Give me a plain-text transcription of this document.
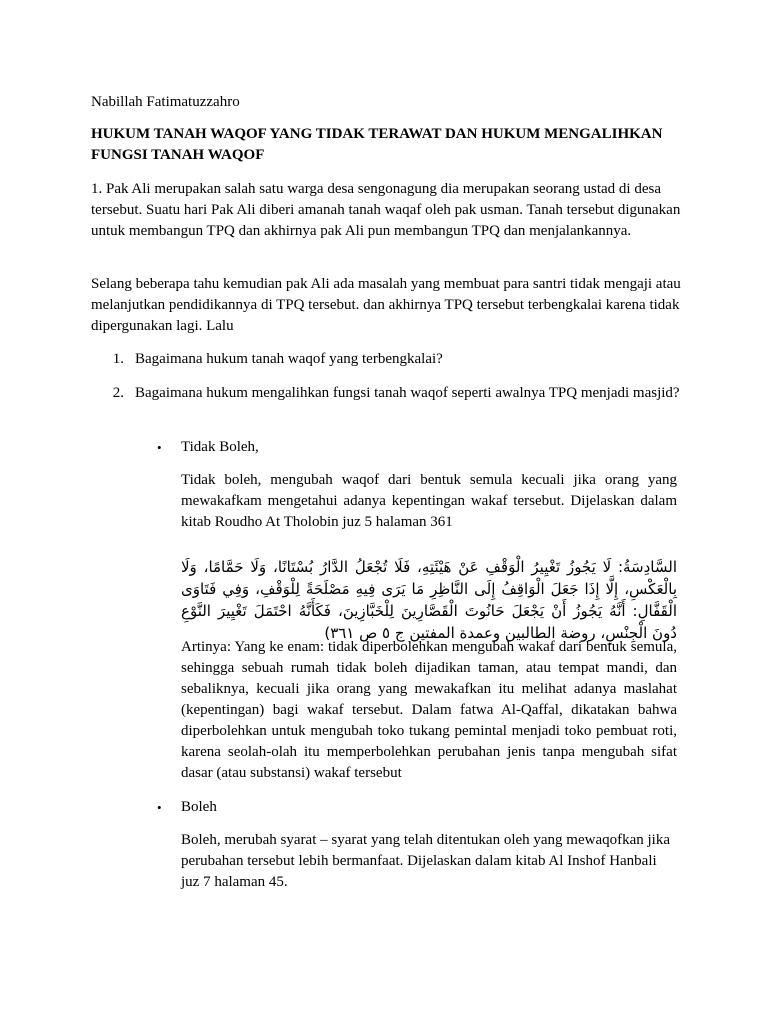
Nabillah Fatimatuzzahro

HUKUM TANAH WAQOF YANG TIDAK TERAWAT DAN HUKUM MENGALIHKAN FUNGSI TANAH WAQOF

1. Pak Ali merupakan salah satu warga desa sengonagung dia merupakan seorang ustad di desa tersebut. Suatu hari Pak Ali diberi amanah tanah waqaf oleh pak usman. Tanah tersebut digunakan untuk membangun TPQ dan akhirnya pak Ali pun membangun TPQ dan menjalankannya.

Selang beberapa tahu kemudian pak Ali ada masalah yang membuat para santri tidak mengaji atau melanjutkan pendidikannya di TPQ tersebut. dan akhirnya TPQ tersebut terbengkalai karena tidak dipergunakan lagi. Lalu

1. Bagaimana hukum tanah waqof yang terbengkalai?
2. Bagaimana hukum mengalihkan fungsi tanah waqof seperti awalnya TPQ menjadi masjid?
• Tidak Boleh,

Tidak boleh, mengubah waqof dari bentuk semula kecuali jika orang yang mewakafkam mengetahui adanya kepentingan wakaf tersebut. Dijelaskan dalam kitab Roudho At Tholobin juz 5 halaman 361

السَّادِسَةُ: لَا يَجُوزُ تَغْيِيرُ الْوَقْفِ عَنْ هَيْئَتِهِ، فَلَا تُجْعَلُ الدَّارُ بُسْتَانًا، وَلَا حَمَّامًا، وَلَا بِالْعَكْسِ، إِلَّا إِذَا جَعَلَ الْوَاقِفُ إِلَى النَّاظِرِ مَا يَرَى فِيهِ مَصْلَحَةً لِلْوَقْفِ، وَفِي فَتَاوَى الْقَفَّالِ: أَنَّهُ يَجُوزُ أَنْ يَجْعَلَ حَانُوتَ الْقَصَّارِينَ لِلْخَبَّازِينَ، فَكَأَنَّهُ احْتَمَلَ تَغْيِيرَ النَّوْعِ دُونَ الْجِنْسِ، روضة الطالبين وعمدة المفتين ج ٥ ص ٣٦١)

Artinya: Yang ke enam: tidak diperbolehkan mengubah wakaf dari bentuk semula, sehingga sebuah rumah tidak boleh dijadikan taman, atau tempat mandi, dan sebaliknya, kecuali jika orang yang mewakafkan itu melihat adanya maslahat (kepentingan) bagi wakaf tersebut. Dalam fatwa Al-Qaffal, dikatakan bahwa diperbolehkan untuk mengubah toko tukang pemintal menjadi toko pembuat roti, karena seolah-olah itu memperbolehkan perubahan jenis tanpa mengubah sifat dasar (atau substansi) wakaf tersebut

• Boleh

Boleh, merubah syarat – syarat yang telah ditentukan oleh yang mewaqofkan jika perubahan tersebut lebih bermanfaat. Dijelaskan dalam kitab Al Inshof Hanbali juz 7 halaman 45.
